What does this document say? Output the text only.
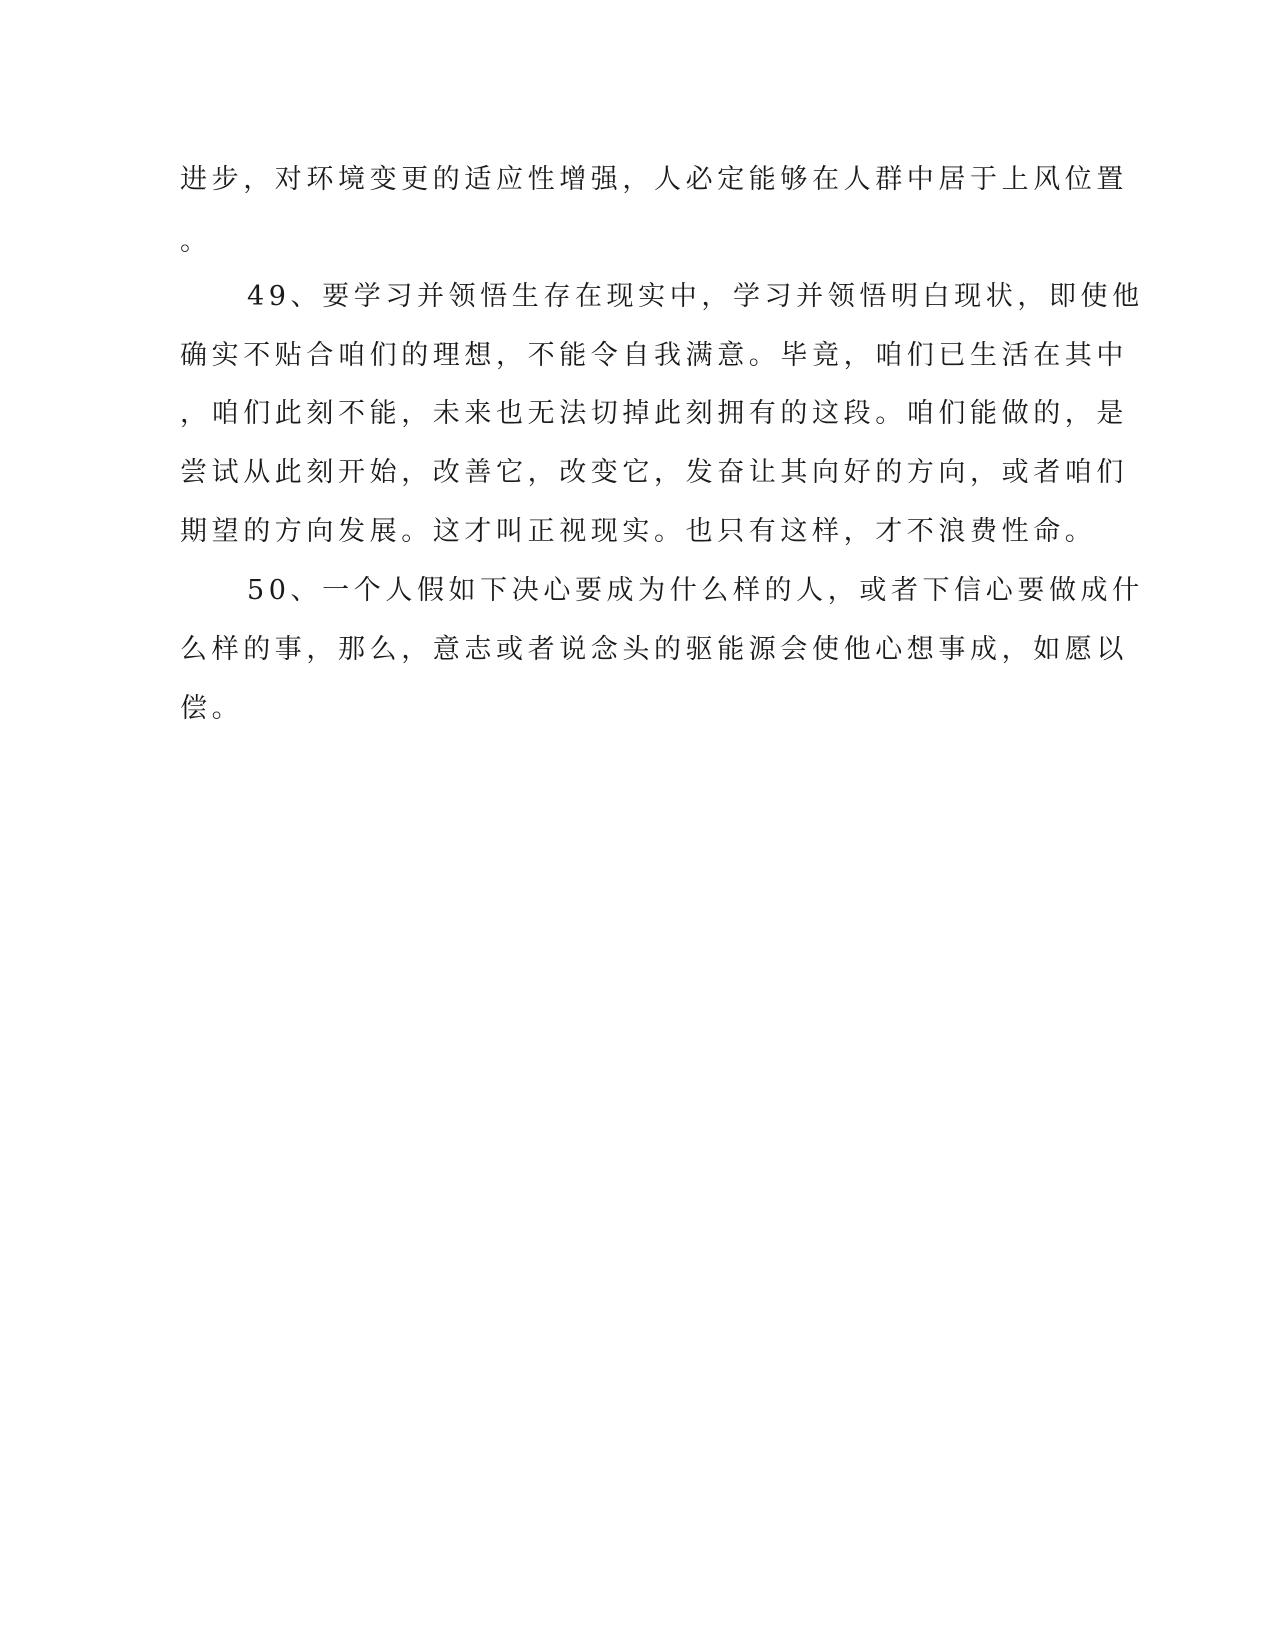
进步，对环境变更的适应性增强，人必定能够在人群中居于上风位置
。
49、要学习并领悟生存在现实中，学习并领悟明白现状，即使他
确实不贴合咱们的理想，不能令自我满意。毕竟，咱们已生活在其中
，咱们此刻不能，未来也无法切掉此刻拥有的这段。咱们能做的，是
尝试从此刻开始，改善它，改变它，发奋让其向好的方向，或者咱们
期望的方向发展。这才叫正视现实。也只有这样，才不浪费性命。
50、一个人假如下决心要成为什么样的人，或者下信心要做成什
么样的事，那么，意志或者说念头的驱能源会使他心想事成，如愿以
偿。
